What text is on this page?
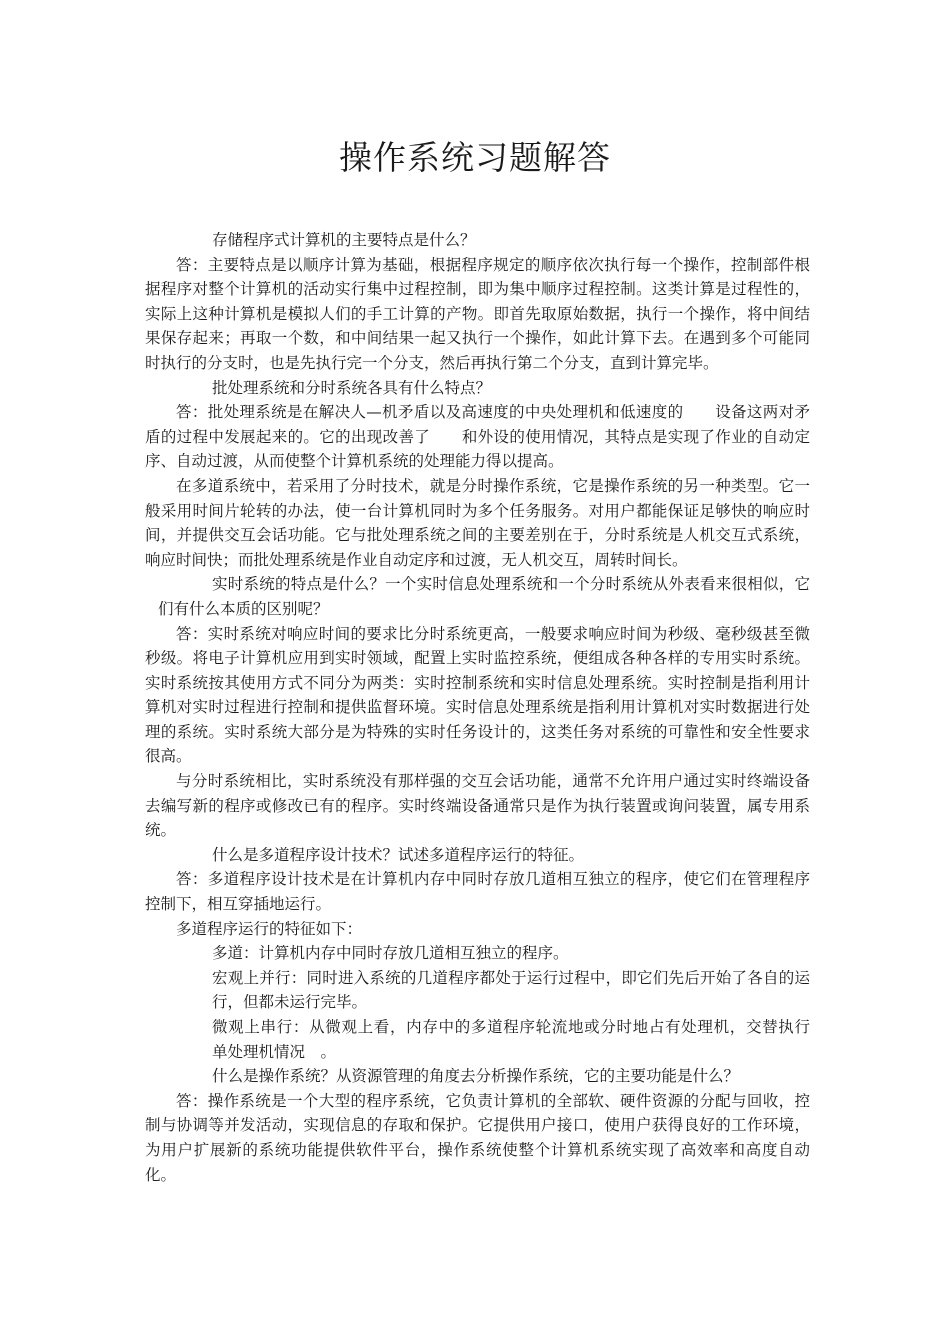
操作系统习题解答

存储程序式计算机的主要特点是什么？

答：主要特点是以顺序计算为基础，根据程序规定的顺序依次执行每一个操作，控制部件根据程序对整个计算机的活动实行集中过程控制，即为集中顺序过程控制。这类计算是过程性的，实际上这种计算机是模拟人们的手工计算的产物。即首先取原始数据，执行一个操作，将中间结果保存起来；再取一个数，和中间结果一起又执行一个操作，如此计算下去。在遇到多个可能同时执行的分支时，也是先执行完一个分支，然后再执行第二个分支，直到计算完毕。

批处理系统和分时系统各具有什么特点？

答：批处理系统是在解决人—机矛盾以及高速度的中央处理机和低速度的　　设备这两对矛盾的过程中发展起来的。它的出现改善了　　和外设的使用情况，其特点是实现了作业的自动定序、自动过渡，从而使整个计算机系统的处理能力得以提高。

在多道系统中，若采用了分时技术，就是分时操作系统，它是操作系统的另一种类型。它一般采用时间片轮转的办法，使一台计算机同时为多个任务服务。对用户都能保证足够快的响应时间，并提供交互会话功能。它与批处理系统之间的主要差别在于，分时系统是人机交互式系统，响应时间快；而批处理系统是作业自动定序和过渡，无人机交互，周转时间长。

实时系统的特点是什么？一个实时信息处理系统和一个分时系统从外表看来很相似，它们有什么本质的区别呢？

答：实时系统对响应时间的要求比分时系统更高，一般要求响应时间为秒级、毫秒级甚至微秒级。将电子计算机应用到实时领域，配置上实时监控系统，便组成各种各样的专用实时系统。实时系统按其使用方式不同分为两类：实时控制系统和实时信息处理系统。实时控制是指利用计算机对实时过程进行控制和提供监督环境。实时信息处理系统是指利用计算机对实时数据进行处理的系统。实时系统大部分是为特殊的实时任务设计的，这类任务对系统的可靠性和安全性要求很高。

与分时系统相比，实时系统没有那样强的交互会话功能，通常不允许用户通过实时终端设备去编写新的程序或修改已有的程序。实时终端设备通常只是作为执行装置或询问装置，属专用系统。

什么是多道程序设计技术？试述多道程序运行的特征。

答：多道程序设计技术是在计算机内存中同时存放几道相互独立的程序，使它们在管理程序控制下，相互穿插地运行。

多道程序运行的特征如下：

多道：计算机内存中同时存放几道相互独立的程序。

宏观上并行：同时进入系统的几道程序都处于运行过程中，即它们先后开始了各自的运行，但都未运行完毕。

微观上串行：从微观上看，内存中的多道程序轮流地或分时地占有处理机，交替执行　单处理机情况　。

什么是操作系统？从资源管理的角度去分析操作系统，它的主要功能是什么？

答：操作系统是一个大型的程序系统，它负责计算机的全部软、硬件资源的分配与回收，控制与协调等并发活动，实现信息的存取和保护。它提供用户接口，使用户获得良好的工作环境，为用户扩展新的系统功能提供软件平台，操作系统使整个计算机系统实现了高效率和高度自动化。
